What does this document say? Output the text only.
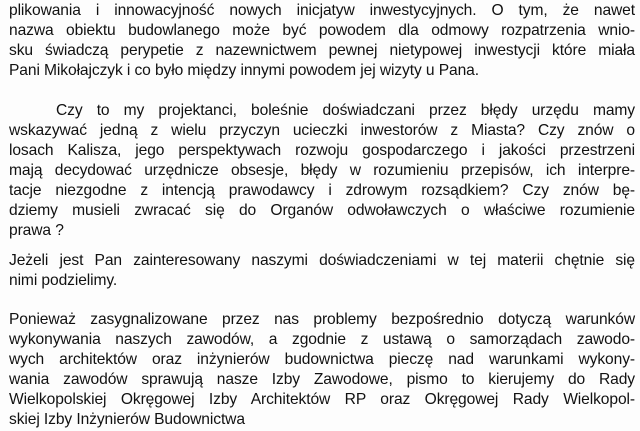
plikowania i innowacyjność nowych inicjatyw inwestycyjnych. O tym, że nawet
nazwa obiektu budowlanego może być powodem dla odmowy rozpatrzenia wnio-
sku świadczą perypetie z nazewnictwem pewnej nietypowej inwestycji które miała
Pani Mikołajczyk i co było między innymi powodem jej wizyty u Pana.
Czy to my projektanci, boleśnie doświadczani przez błędy urzędu mamy
wskazywać jedną z wielu przyczyn ucieczki inwestorów z Miasta? Czy znów o
losach Kalisza, jego perspektywach rozwoju gospodarczego i jakości przestrzeni
mają decydować urzędnicze obsesje, błędy w rozumieniu przepisów, ich interpre-
tacje niezgodne z intencją prawodawcy i zdrowym rozsądkiem? Czy znów bę-
dziemy musieli zwracać się do Organów odwoławczych o właściwe rozumienie
prawa ?
Jeżeli jest Pan zainteresowany naszymi doświadczeniami w tej materii chętnie się
nimi podzielimy.
Ponieważ zasygnalizowane przez nas problemy bezpośrednio dotyczą warunków
wykonywania naszych zawodów, a zgodnie z ustawą o samorządach zawodo-
wych architektów oraz inżynierów budownictwa pieczę nad warunkami wykony-
wania zawodów sprawują nasze Izby Zawodowe, pismo to kierujemy do Rady
Wielkopolskiej Okręgowej Izby Architektów RP oraz Okręgowej Rady Wielkopol-
skiej Izby Inżynierów Budownictwa
